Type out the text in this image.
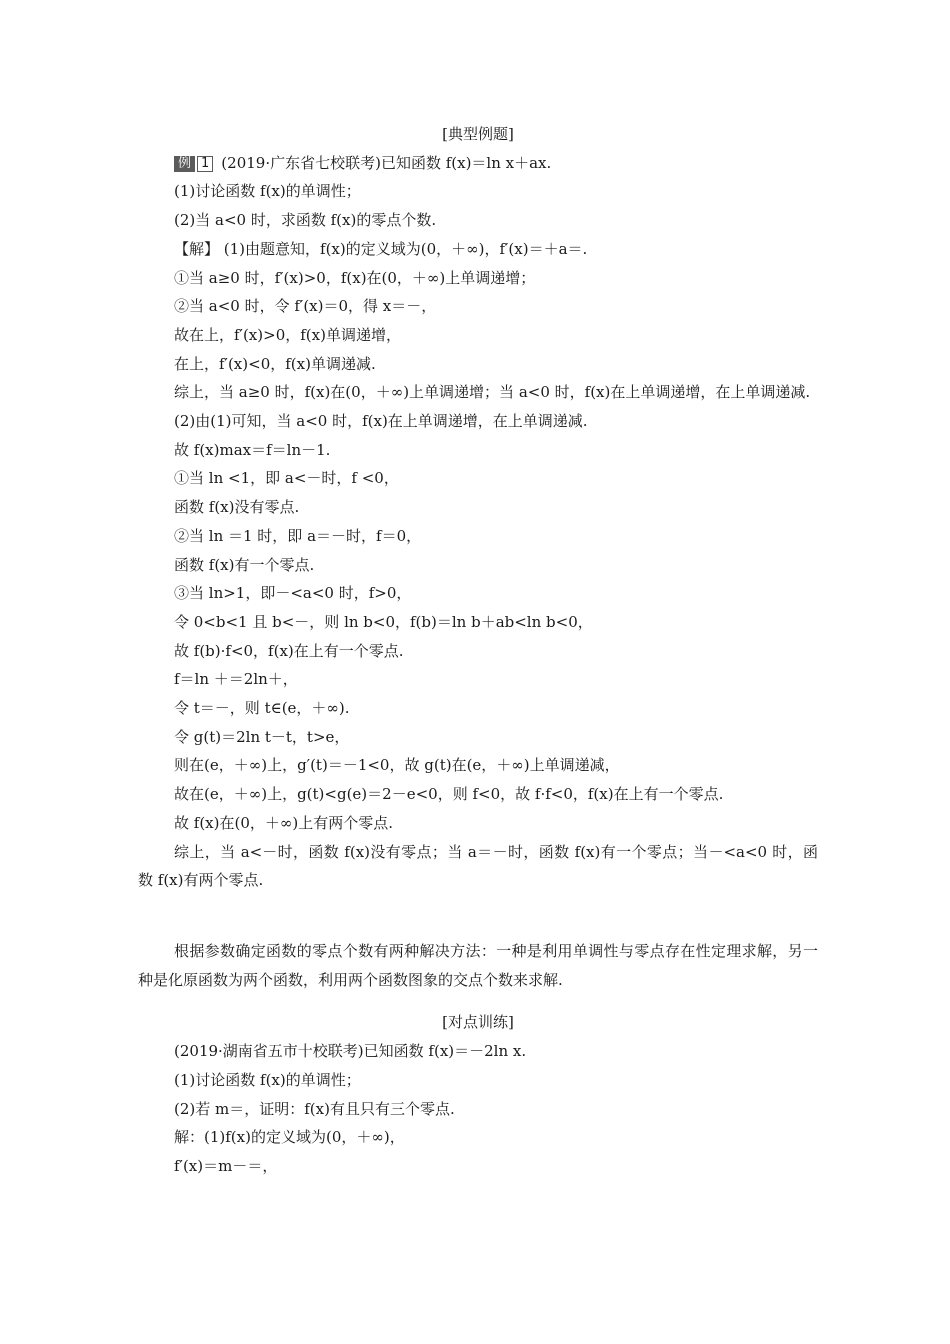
[典型例题]
例 1 (2019·广东省七校联考)已知函数 f(x)＝ln x＋ax.
(1)讨论函数 f(x)的单调性；
(2)当 a<0 时，求函数 f(x)的零点个数.
【解】 (1)由题意知，f(x)的定义域为(0，＋∞)，f′(x)＝＋a＝.
①当 a≥0 时，f′(x)>0，f(x)在(0，＋∞)上单调递增；
②当 a<0 时，令 f′(x)＝0，得 x＝－，
故在上，f′(x)>0，f(x)单调递增，
在上，f′(x)<0，f(x)单调递减.
综上，当 a≥0 时，f(x)在(0，＋∞)上单调递增；当 a<0 时，f(x)在上单调递增，在上单调递减.
(2)由(1)可知，当 a<0 时，f(x)在上单调递增，在上单调递减.
故 f(x)max＝f＝ln－1.
①当 ln <1，即 a<－时，f <0，
函数 f(x)没有零点.
②当 ln ＝1 时，即 a＝－时，f＝0，
函数 f(x)有一个零点.
③当 ln>1，即－<a<0 时，f>0，
令 0<b<1 且 b<－，则 ln b<0，f(b)＝ln b＋ab<ln b<0，
故 f(b)·f<0，f(x)在上有一个零点.
f＝ln ＋＝2ln＋，
令 t＝－，则 t∈(e，＋∞).
令 g(t)＝2ln t－t，t>e，
则在(e，＋∞)上，g′(t)＝－1<0，故 g(t)在(e，＋∞)上单调递减，
故在(e，＋∞)上，g(t)<g(e)＝2－e<0，则 f<0，故 f·f<0，f(x)在上有一个零点.
故 f(x)在(0，＋∞)上有两个零点.
综上，当 a<－时，函数 f(x)没有零点；当 a＝－时，函数 f(x)有一个零点；当－<a<0 时，函数 f(x)有两个零点.
根据参数确定函数的零点个数有两种解决方法：一种是利用单调性与零点存在性定理求解，另一种是化原函数为两个函数，利用两个函数图象的交点个数来求解.
[对点训练]
(2019·湖南省五市十校联考)已知函数 f(x)＝－2ln x.
(1)讨论函数 f(x)的单调性；
(2)若 m＝，证明：f(x)有且只有三个零点.
解：(1)f(x)的定义域为(0，＋∞)，
f′(x)＝m－＝，
